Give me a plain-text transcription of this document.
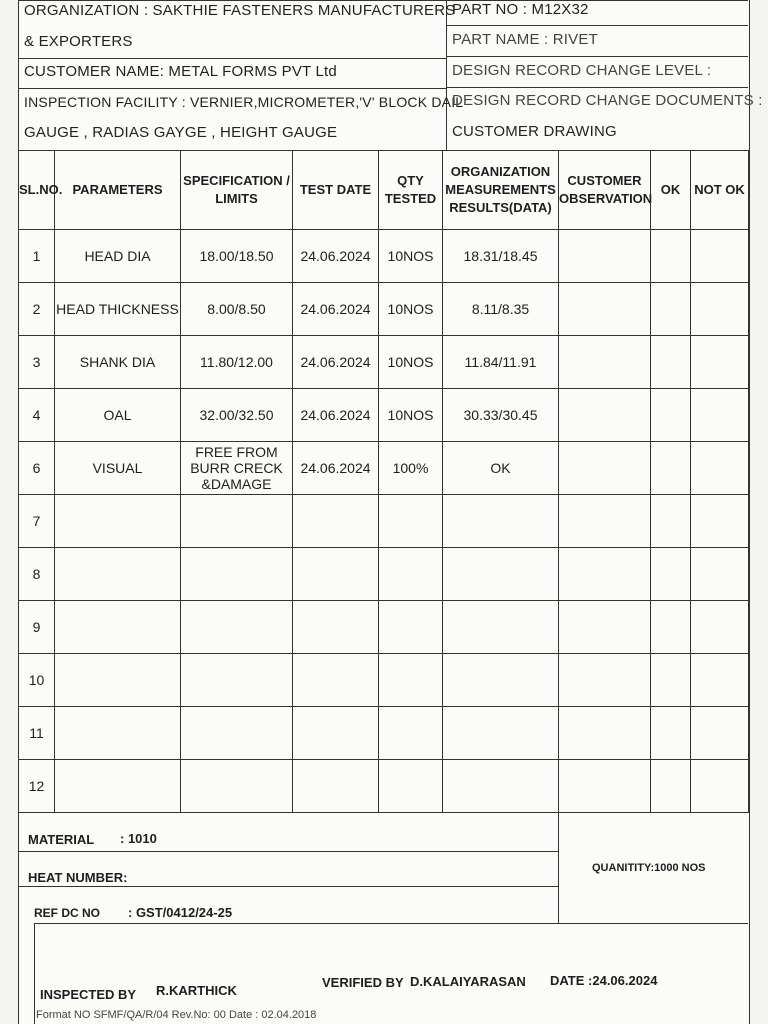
ORGANIZATION : SAKTHIE FASTENERS MANUFACTURERS
& EXPORTERS
CUSTOMER NAME: METAL FORMS PVT Ltd
INSPECTION FACILITY : VERNIER,MICROMETER,'V' BLOCK DAIL
GAUGE , RADIAS GAYGE , HEIGHT GAUGE
PART NO : M12X32
PART NAME : RIVET
DESIGN RECORD CHANGE LEVEL :
DESIGN RECORD CHANGE DOCUMENTS :
CUSTOMER DRAWING
SL.NO.	PARAMETERS	SPECIFICATION / LIMITS	TEST DATE	QTY TESTED	ORGANIZATION MEASUREMENTS RESULTS(DATA)	CUSTOMER OBSERVATION	OK	NOT OK
1	HEAD DIA	18.00/18.50	24.06.2024	10NOS	18.31/18.45			
2	HEAD THICKNESS	8.00/8.50	24.06.2024	10NOS	8.11/8.35			
3	SHANK DIA	11.80/12.00	24.06.2024	10NOS	11.84/11.91			
4	OAL	32.00/32.50	24.06.2024	10NOS	30.33/30.45			
6	VISUAL	FREE FROM BURR CRECK &DAMAGE	24.06.2024	100%	OK			
7								
8								
9								
10								
11								
12								
MATERIAL : 1010
HEAT NUMBER:
REF DC NO : GST/0412/24-25
QUANITITY:1000 NOS
INSPECTED BY R.KARTHICK
VERIFIED BY D.KALAIYARASAN DATE :24.06.2024
Format NO SFMF/QA/R/04 Rev.No: 00 Date : 02.04.2018
